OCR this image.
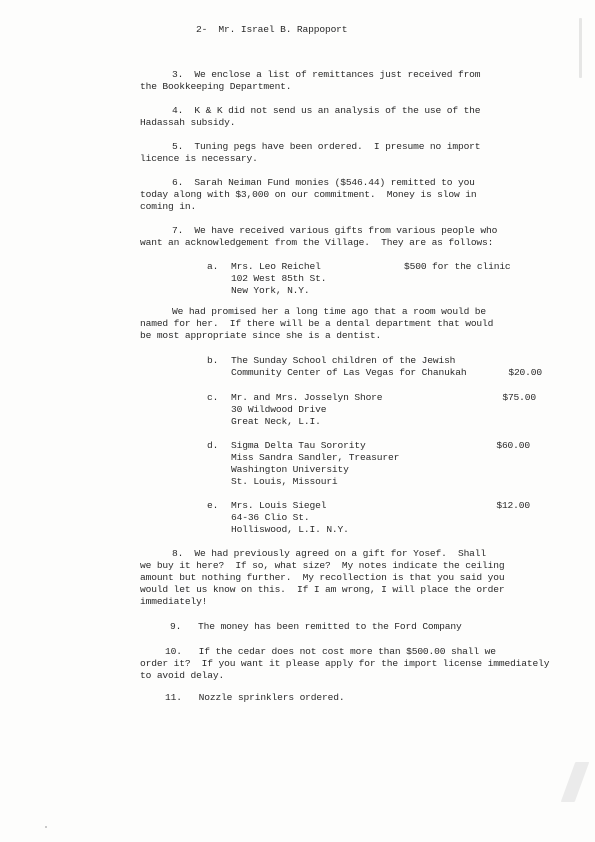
2-  Mr. Israel B. Rappoport
3.  We enclose a list of remittances just received from
the Bookkeeping Department.
4.  K & K did not send us an analysis of the use of the
Hadassah subsidy.
5.  Tuning pegs have been ordered.  I presume no import
licence is necessary.
6.  Sarah Neiman Fund monies ($546.44) remitted to you
today along with $3,000 on our commitment.  Money is slow in
coming in.
7.  We have received various gifts from various people who
want an acknowledgement from the Village.  They are as follows:
a. Mrs. Leo Reichel
102 West 85th St.
New York, N.Y.
$500 for the clinic
We had promised her a long time ago that a room would be
named for her.  If there will be a dental department that would
be most appropriate since she is a dentist.
b. The Sunday School children of the Jewish
Community Center of Las Vegas for Chanukah	$20.00
c. Mr. and Mrs. Josselyn Shore
30 Wildwood Drive
Great Neck, L.I.
$75.00
d. Sigma Delta Tau Sorority
Miss Sandra Sandler, Treasurer
Washington University
St. Louis, Missouri
$60.00
e. Mrs. Louis Siegel
64-36 Clio St.
Holliswood, L.I. N.Y.
$12.00
8.  We had previously agreed on a gift for Yosef.  Shall
we buy it here?  If so, what size?  My notes indicate the ceiling
amount but nothing further.  My recollection is that you said you
would let us know on this.  If I am wrong, I will place the order
immediately!
9.   The money has been remitted to the Ford Company
10.   If the cedar does not cost more than $500.00 shall we
order it?  If you want it please apply for the import license immediately
to avoid delay.
11.   Nozzle sprinklers ordered.
